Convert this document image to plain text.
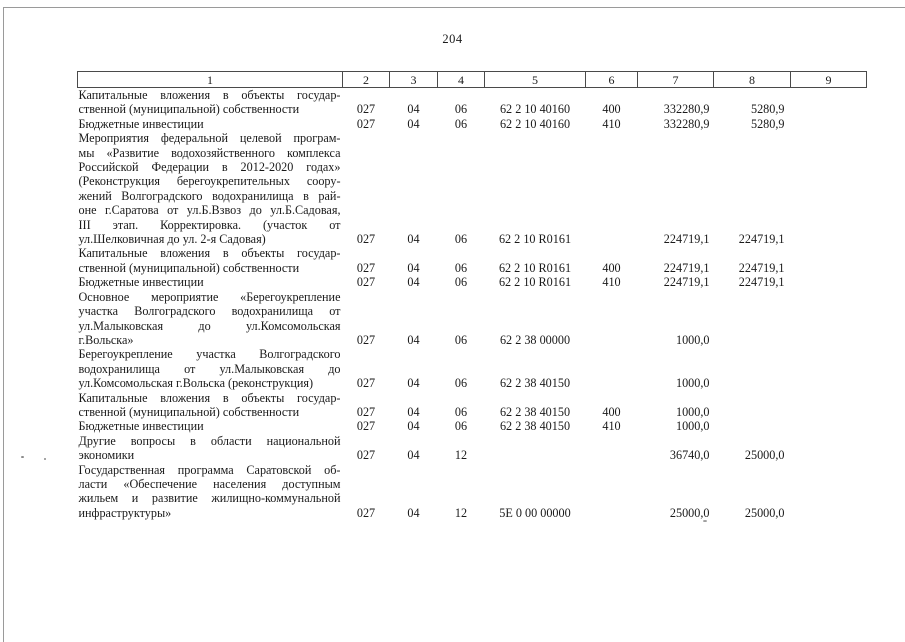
204
1	2	3	4	5	6	7	8	9

Капитальные вложения в объекты государ-
ственной (муниципальной) собственности	027	04	06	62 2 10 40160	400	332280,9	5280,9	

Бюджетные инвестиции	027	04	06	62 2 10 40160	410	332280,9	5280,9	

Мероприятия федеральной целевой програм-
мы «Развитие водохозяйственного комплекса
Российской Федерации в 2012-2020 годах»
(Реконструкция берегоукрепительных соору-
жений Волгоградского водохранилища в рай-
оне г.Саратова от ул.Б.Взвоз до ул.Б.Садовая,
III этап. Корректировка. (участок от
ул.Шелковичная до ул. 2-я Садовая)	027	04	06	62 2 10 R0161		224719,1	224719,1	

Капитальные вложения в объекты государ-
ственной (муниципальной) собственности	027	04	06	62 2 10 R0161	400	224719,1	224719,1	

Бюджетные инвестиции	027	04	06	62 2 10 R0161	410	224719,1	224719,1	

Основное мероприятие «Берегоукрепление
участка Волгоградского водохранилища от
ул.Малыковская до ул.Комсомольская
г.Вольска»	027	04	06	62 2 38 00000		1000,0		

Берегоукрепление участка Волгоградского
водохранилища от ул.Малыковская до
ул.Комсомольская г.Вольска (реконструкция)	027	04	06	62 2 38 40150		1000,0		

Капитальные вложения в объекты государ-
ственной (муниципальной) собственности	027	04	06	62 2 38 40150	400	1000,0		

Бюджетные инвестиции	027	04	06	62 2 38 40150	410	1000,0		

Другие вопросы в области национальной
экономики	027	04	12			36740,0	25000,0	

Государственная программа Саратовской об-
ласти «Обеспечение населения доступным
жильем и развитие жилищно-коммунальной
инфраструктуры»	027	04	12	5Е 0 00 00000		25000,0	25000,0	
